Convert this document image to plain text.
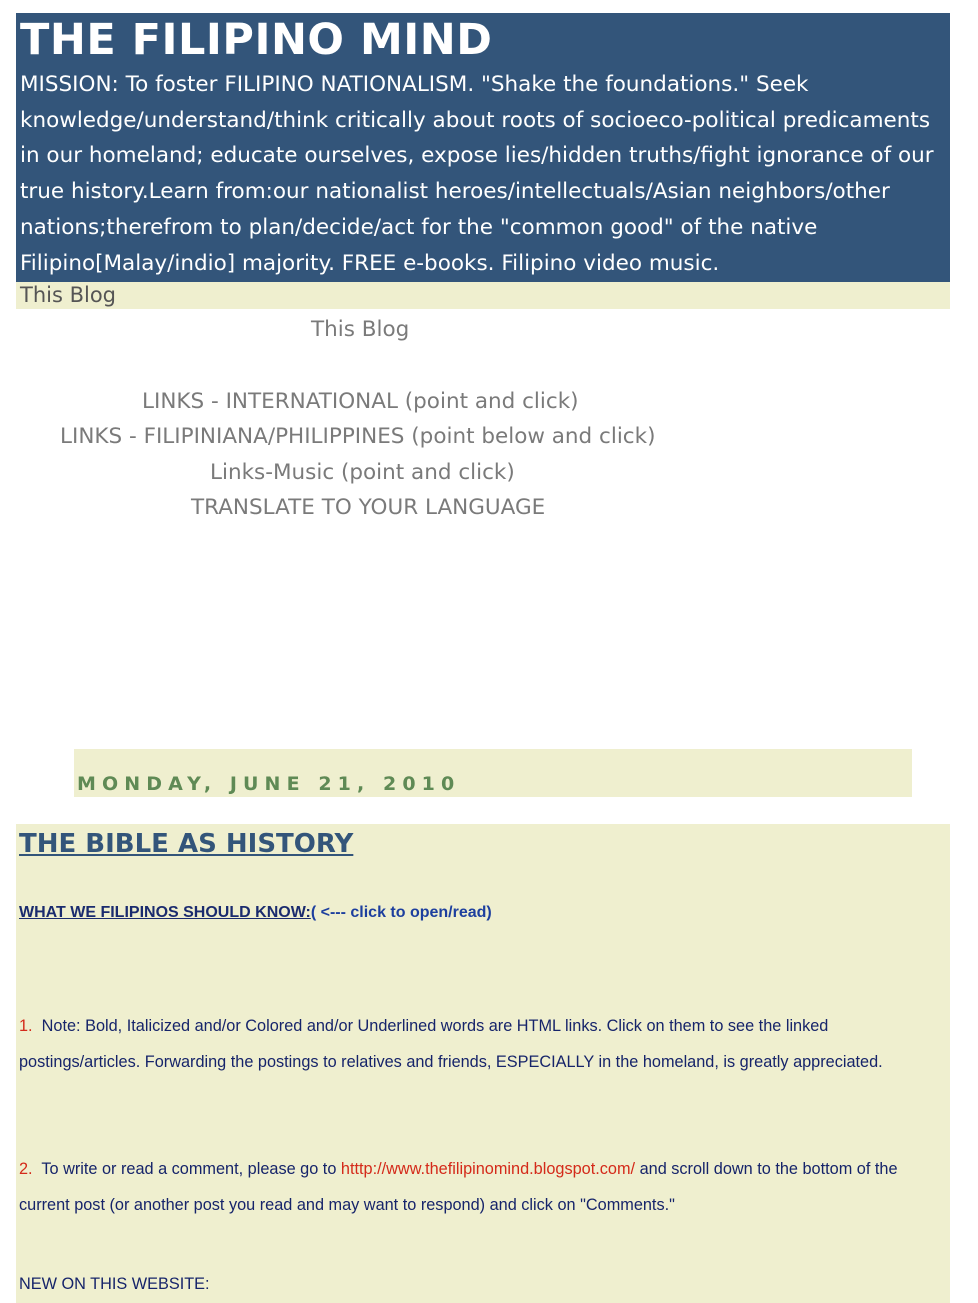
THE FILIPINO MIND

MISSION: To foster FILIPINO NATIONALISM. "Shake the foundations." Seek knowledge/understand/think critically about roots of socioeco-political predicaments in our homeland; educate ourselves, expose lies/hidden truths/fight ignorance of our true history.Learn from:our nationalist heroes/intellectuals/Asian neighbors/other nations;therefrom to plan/decide/act for the "common good" of the native Filipino[Malay/indio] majority. FREE e-books. Filipino video music.

This Blog
This Blog
LINKS - INTERNATIONAL (point and click)
LINKS - FILIPINIANA/PHILIPPINES (point below and click)
Links-Music (point and click)
TRANSLATE TO YOUR LANGUAGE
MONDAY, JUNE 21, 2010
THE BIBLE AS HISTORY
WHAT WE FILIPINOS SHOULD KNOW:( <--- click to open/read)
1. Note: Bold, Italicized and/or Colored and/or Underlined words are HTML links. Click on them to see the linked postings/articles. Forwarding the postings to relatives and friends, ESPECIALLY in the homeland, is greatly appreciated.
2. To write or read a comment, please go to htttp://www.thefilipinomind.blogspot.com/ and scroll down to the bottom of the current post (or another post you read and may want to respond) and click on "Comments."
NEW ON THIS WEBSITE:
